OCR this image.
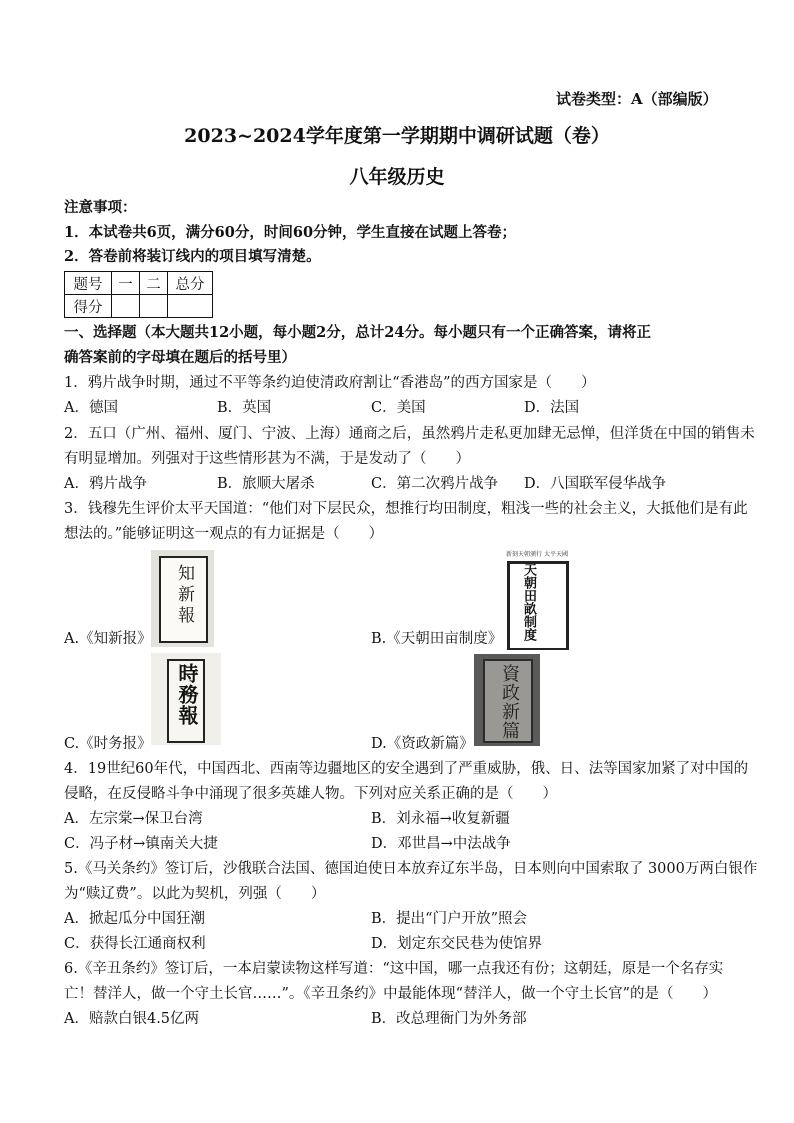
试卷类型：A（部编版）
2023~2024学年度第一学期期中调研试题（卷）
八年级历史
注意事项：
1．本试卷共6页，满分60分，时间60分钟，学生直接在试题上答卷；
2．答卷前将装订线内的项目填写清楚。
题号	一	二	总分
得分			
一、选择题（本大题共12小题，每小题2分，总计24分。每小题只有一个正确答案，请将正
确答案前的字母填在题后的括号里）
1．鸦片战争时期，通过不平等条约迫使清政府割让“香港岛”的西方国家是（　　）
A．德国	B．英国	C．美国	D．法国
2．五口（广州、福州、厦门、宁波、上海）通商之后，虽然鸦片走私更加肆无忌惮，但洋货在中国的销售未
有明显增加。列强对于这些情形甚为不满，于是发动了（　　）
A．鸦片战争	B．旅顺大屠杀	C．第二次鸦片战争 D．八国联军侵华战争
3．钱穆先生评价太平天国道：“他们对下层民众，想推行均田制度，粗浅一些的社会主义，大抵他们是有此
想法的。”能够证明这一观点的有力证据是（　　）
知新報
A.《知新报》
新刻天朝頒行 太平天國
天朝田畝制度
B.《天朝田亩制度》
時務報
C.《时务报》
資政新篇
D.《资政新篇》
4．19世纪60年代，中国西北、西南等边疆地区的安全遇到了严重威胁，俄、日、法等国家加紧了对中国的
侵略，在反侵略斗争中涌现了很多英雄人物。下列对应关系正确的是（　　）
A．左宗棠→保卫台湾	B．刘永福→收复新疆
C．冯子材→镇南关大捷	D．邓世昌→中法战争
5.《马关条约》签订后，沙俄联合法国、德国迫使日本放弃辽东半岛，日本则向中国索取了 3000万两白银作
为“赎辽费”。以此为契机，列强（　　）
A．掀起瓜分中国狂潮	B．提出“门户开放”照会
C．获得长江通商权利	D．划定东交民巷为使馆界
6.《辛丑条约》签订后，一本启蒙读物这样写道：“这中国，哪一点我还有份；这朝廷，原是一个名存实
亡！替洋人，做一个守土长官……”。《辛丑条约》中最能体现“替洋人，做一个守土长官”的是（　　）
A．赔款白银4.5亿两	B．改总理衙门为外务部
